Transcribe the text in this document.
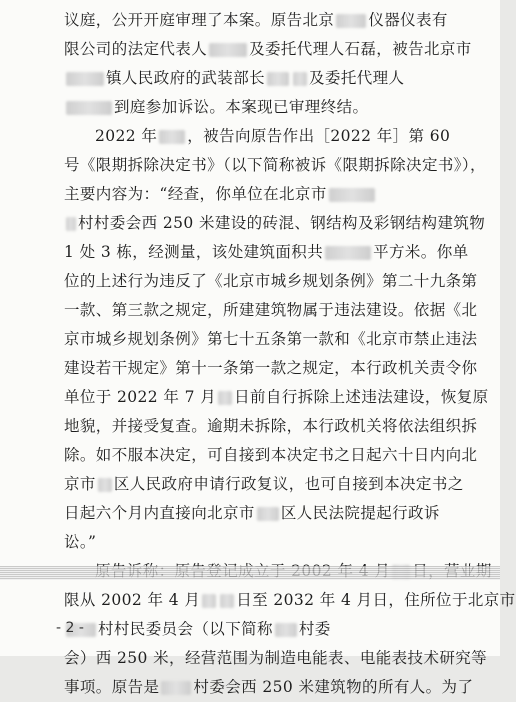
议庭，公开开庭审理了本案。原告北京 仪器仪表有
限公司的法定代表人	及委托代理人石磊，被告北京市
镇人民政府的武装部长	及委托代理人
到庭参加诉讼。本案现已审理终结。
2022 年 ，被告向原告作出［2022 年］第 60
号《限期拆除决定书》（以下简称被诉《限期拆除决定书》），
主要内容为：“经查，你单位在北京市
村村委会西 250 米建设的砖混、钢结构及彩钢结构建筑物
1 处 3 栋，经测量，该处建筑面积共	平方米。你单
位的上述行为违反了《北京市城乡规划条例》第二十九条第
一款、第三款之规定，所建建筑物属于违法建设。依据《北
京市城乡规划条例》第七十五条第一款和《北京市禁止违法
建设若干规定》第十一条第一款之规定，本行政机关责令你
单位于 2022 年 7 月 日前自行拆除上述违法建设，恢复原
地貌，并接受复查。逾期未拆除，本行政机关将依法组织拆
除。如不服本决定，可自接到本决定书之日起六十日内向北
京市 区人民政府申请行政复议，也可自接到本决定书之
日起六个月内直接向北京市 区人民法院提起行政诉
讼。”
限从 2002 年 4 月 日至 2032 年 4 月日，住所位于北京市
村村民委员会（以下简称 村委
会）西 250 米，经营范围为制造电能表、电能表技术研究等
事项。原告是 村委会西 250 米建筑物的所有人。为了
- 2 -
